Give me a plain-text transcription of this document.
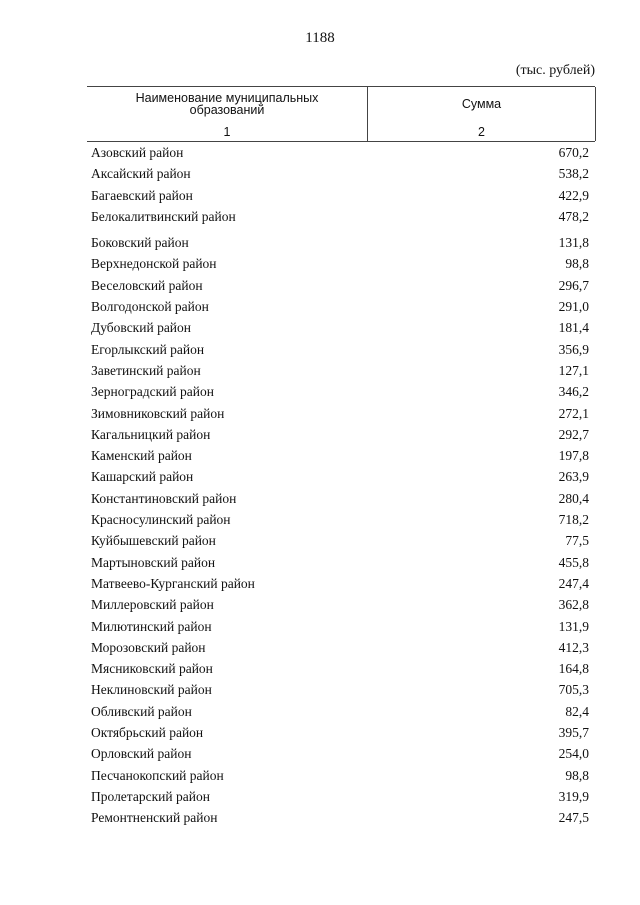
1188
(тыс. рублей)
Наименование муниципальных
образований
1
Сумма
2
Азовский район	670,2
Аксайский район	538,2
Багаевский район	422,9
Белокалитвинский район	478,2
Боковский район	131,8
Верхнедонской район	98,8
Веселовский район	296,7
Волгодонской район	291,0
Дубовский район	181,4
Егорлыкский район	356,9
Заветинский район	127,1
Зерноградский район	346,2
Зимовниковский район	272,1
Кагальницкий район	292,7
Каменский район	197,8
Кашарский район	263,9
Константиновский район	280,4
Красносулинский район	718,2
Куйбышевский район	77,5
Мартыновский район	455,8
Матвеево-Курганский район	247,4
Миллеровский район	362,8
Милютинский район	131,9
Морозовский район	412,3
Мясниковский район	164,8
Неклиновский район	705,3
Обливский район	82,4
Октябрьский район	395,7
Орловский район	254,0
Песчанокопский район	98,8
Пролетарский район	319,9
Ремонтненский район	247,5
